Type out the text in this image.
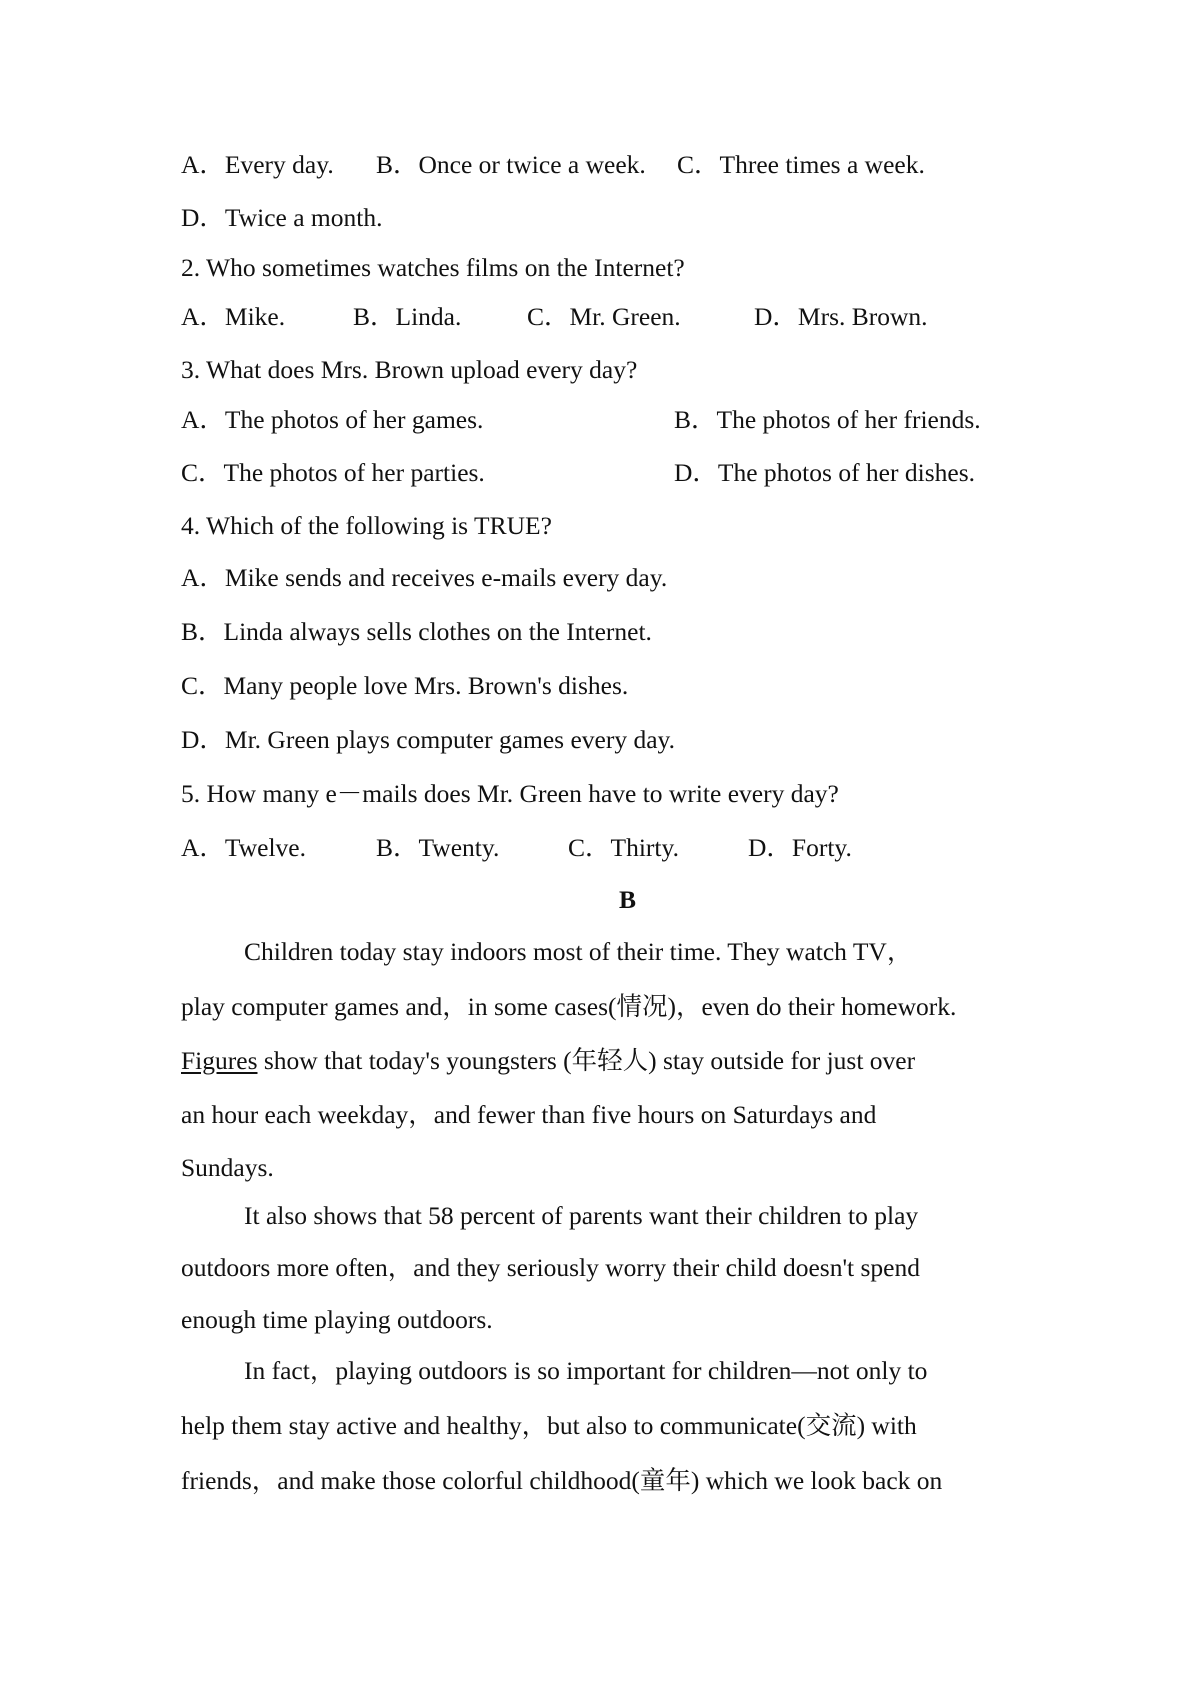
A．Every day. B．Once or twice a week. C．Three times a week.
D．Twice a month.
2. Who sometimes watches films on the Internet?
A．Mike.	B．Linda.	C．Mr. Green.	D．Mrs. Brown.
3. What does Mrs. Brown upload every day?
A．The photos of her games.	B．The photos of her friends.
C．The photos of her parties.	D．The photos of her dishes.
4. Which of the following is TRUE?
A．Mike sends and receives e-mails every day.
B．Linda always sells clothes on the Internet.
C．Many people love Mrs. Brown's dishes.
D．Mr. Green plays computer games every day.
5. How many e－mails does Mr. Green have to write every day?
A．Twelve.	B．Twenty.	C．Thirty.	D．Forty.
B
Children today stay indoors most of their time. They watch TV，
play computer games and，in some cases(情况)，even do their homework.
Figures show that today's youngsters (年轻人) stay outside for just over
an hour each weekday，and fewer than five hours on Saturdays and
Sundays.
It also shows that 58 percent of parents want their children to play
outdoors more often，and they seriously worry their child doesn't spend
enough time playing outdoors.
In fact，playing outdoors is so important for children—not only to
help them stay active and healthy，but also to communicate(交流) with
friends，and make those colorful childhood(童年) which we look back on
